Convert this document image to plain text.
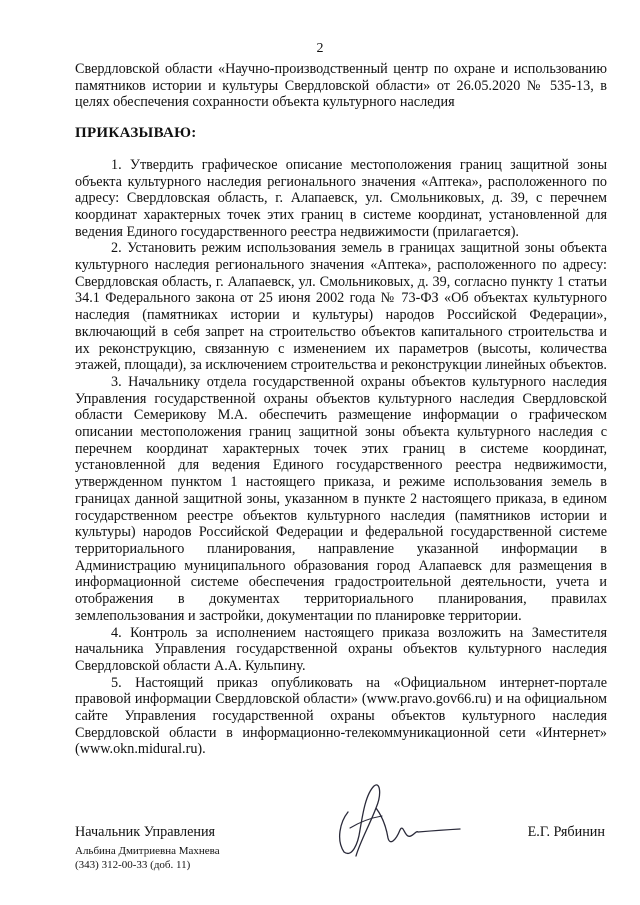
2

Свердловской области «Научно-производственный центр по охране и использованию памятников истории и культуры Свердловской области» от 26.05.2020 № 535-13, в целях обеспечения сохранности объекта культурного наследия

ПРИКАЗЫВАЮ:

1. Утвердить графическое описание местоположения границ защитной зоны объекта культурного наследия регионального значения «Аптека», расположенного по адресу: Свердловская область, г. Алапаевск, ул. Смольниковых, д. 39, с перечнем координат характерных точек этих границ в системе координат, установленной для ведения Единого государственного реестра недвижимости (прилагается).

2. Установить режим использования земель в границах защитной зоны объекта культурного наследия регионального значения «Аптека», расположенного по адресу: Свердловская область, г. Алапаевск, ул. Смольниковых, д. 39, согласно пункту 1 статьи 34.1 Федерального закона от 25 июня 2002 года № 73-ФЗ «Об объектах культурного наследия (памятниках истории и культуры) народов Российской Федерации», включающий в себя запрет на строительство объектов капитального строительства и их реконструкцию, связанную с изменением их параметров (высоты, количества этажей, площади), за исключением строительства и реконструкции линейных объектов.

3. Начальнику отдела государственной охраны объектов культурного наследия Управления государственной охраны объектов культурного наследия Свердловской области Семерикову М.А. обеспечить размещение информации о графическом описании местоположения границ защитной зоны объекта культурного наследия с перечнем координат характерных точек этих границ в системе координат, установленной для ведения Единого государственного реестра недвижимости, утвержденном пунктом 1 настоящего приказа, и режиме использования земель в границах данной защитной зоны, указанном в пункте 2 настоящего приказа, в едином государственном реестре объектов культурного наследия (памятников истории и культуры) народов Российской Федерации и федеральной государственной системе территориального планирования, направление указанной информации в Администрацию муниципального образования город Алапаевск для размещения в информационной системе обеспечения градостроительной деятельности, учета и отображения в документах территориального планирования, правилах землепользования и застройки, документации по планировке территории.

4. Контроль за исполнением настоящего приказа возложить на Заместителя начальника Управления государственной охраны объектов культурного наследия Свердловской области А.А. Кульпину.

5. Настоящий приказ опубликовать на «Официальном интернет-портале правовой информации Свердловской области» (www.pravo.gov66.ru) и на официальном сайте Управления государственной охраны объектов культурного наследия Свердловской области в информационно-телекоммуникационной сети «Интернет» (www.okn.midural.ru).

Начальник Управления	Е.Г. Рябинин
Альбина Дмитриевна Махнева
(343) 312-00-33 (доб. 11)
